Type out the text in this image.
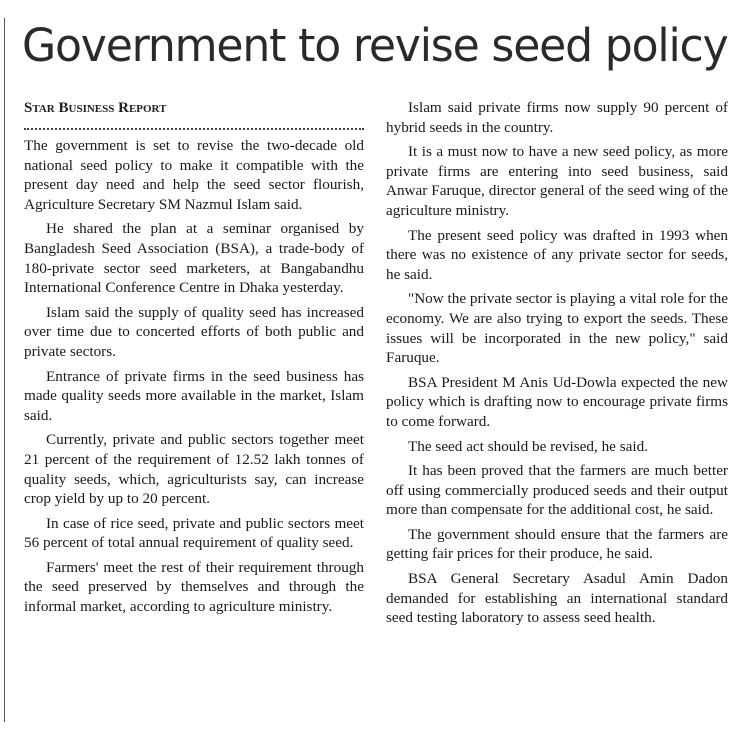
Government to revise seed policy

Star Business Report

The government is set to revise the two-decade old national seed policy to make it compatible with the present day need and help the seed sector flourish, Agriculture Secretary SM Nazmul Islam said.

He shared the plan at a seminar organised by Bangladesh Seed Association (BSA), a trade-body of 180-private sector seed marketers, at Bangabandhu International Conference Centre in Dhaka yesterday.

Islam said the supply of quality seed has increased over time due to concerted efforts of both public and private sectors.

Entrance of private firms in the seed business has made quality seeds more available in the market, Islam said.

Currently, private and public sectors together meet 21 percent of the requirement of 12.52 lakh tonnes of quality seeds, which, agriculturists say, can increase crop yield by up to 20 percent.

In case of rice seed, private and public sectors meet 56 percent of total annual requirement of quality seed.

Farmers' meet the rest of their requirement through the seed preserved by themselves and through the informal market, according to agriculture ministry.

Islam said private firms now supply 90 percent of hybrid seeds in the country.

It is a must now to have a new seed policy, as more private firms are entering into seed business, said Anwar Faruque, director general of the seed wing of the agriculture ministry.

The present seed policy was drafted in 1993 when there was no existence of any private sector for seeds, he said.

"Now the private sector is playing a vital role for the economy. We are also trying to export the seeds. These issues will be incorporated in the new policy," said Faruque.

BSA President M Anis Ud-Dowla expected the new policy which is drafting now to encourage private firms to come forward.

The seed act should be revised, he said.

It has been proved that the farmers are much better off using commercially produced seeds and their output more than compensate for the additional cost, he said.

The government should ensure that the farmers are getting fair prices for their produce, he said.

BSA General Secretary Asadul Amin Dadon demanded for establishing an international standard seed testing laboratory to assess seed health.
